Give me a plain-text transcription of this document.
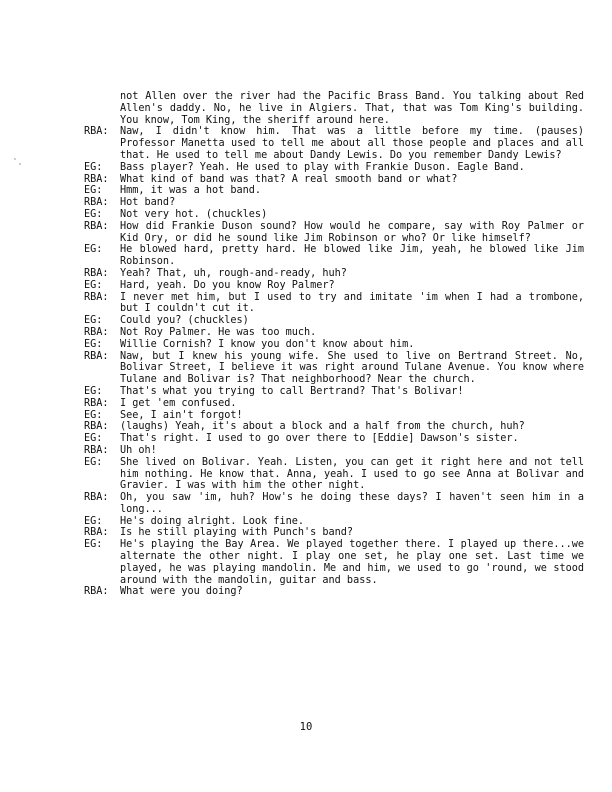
not Allen over the river had the Pacific Brass Band. You talking about Red Allen's daddy. No, he live in Algiers. That, that was Tom King's building. You know, Tom King, the sheriff around here.
RBA:	Naw, I didn't know him. That was a little before my time. (pauses) Professor Manetta used to tell me about all those people and places and all that. He used to tell me about Dandy Lewis. Do you remember Dandy Lewis?
EG:	Bass player? Yeah. He used to play with Frankie Duson. Eagle Band.
RBA:	What kind of band was that? A real smooth band or what?
EG:	Hmm, it was a hot band.
RBA:	Hot band?
EG:	Not very hot. (chuckles)
RBA:	How did Frankie Duson sound? How would he compare, say with Roy Palmer or Kid Ory, or did he sound like Jim Robinson or who? Or like himself?
EG:	He blowed hard, pretty hard. He blowed like Jim, yeah, he blowed like Jim Robinson.
RBA:	Yeah? That, uh, rough-and-ready, huh?
EG:	Hard, yeah. Do you know Roy Palmer?
RBA:	I never met him, but I used to try and imitate 'im when I had a trombone, but I couldn't cut it.
EG:	Could you? (chuckles)
RBA:	Not Roy Palmer. He was too much.
EG:	Willie Cornish? I know you don't know about him.
RBA:	Naw, but I knew his young wife. She used to live on Bertrand Street. No, Bolivar Street, I believe it was right around Tulane Avenue. You know where Tulane and Bolivar is? That neighborhood? Near the church.
EG:	That's what you trying to call Bertrand? That's Bolivar!
RBA:	I get 'em confused.
EG:	See, I ain't forgot!
RBA:	(laughs) Yeah, it's about a block and a half from the church, huh?
EG:	That's right. I used to go over there to [Eddie] Dawson's sister.
RBA:	Uh oh!
EG:	She lived on Bolivar. Yeah. Listen, you can get it right here and not tell him nothing. He know that. Anna, yeah. I used to go see Anna at Bolivar and Gravier. I was with him the other night.
RBA:	Oh, you saw 'im, huh? How's he doing these days? I haven't seen him in a long...
EG:	He's doing alright. Look fine.
RBA:	Is he still playing with Punch's band?
EG:	He's playing the Bay Area. We played together there. I played up there...we alternate the other night. I play one set, he play one set. Last time we played, he was playing mandolin. Me and him, we used to go 'round, we stood around with the mandolin, guitar and bass.
RBA:	What were you doing?
10
